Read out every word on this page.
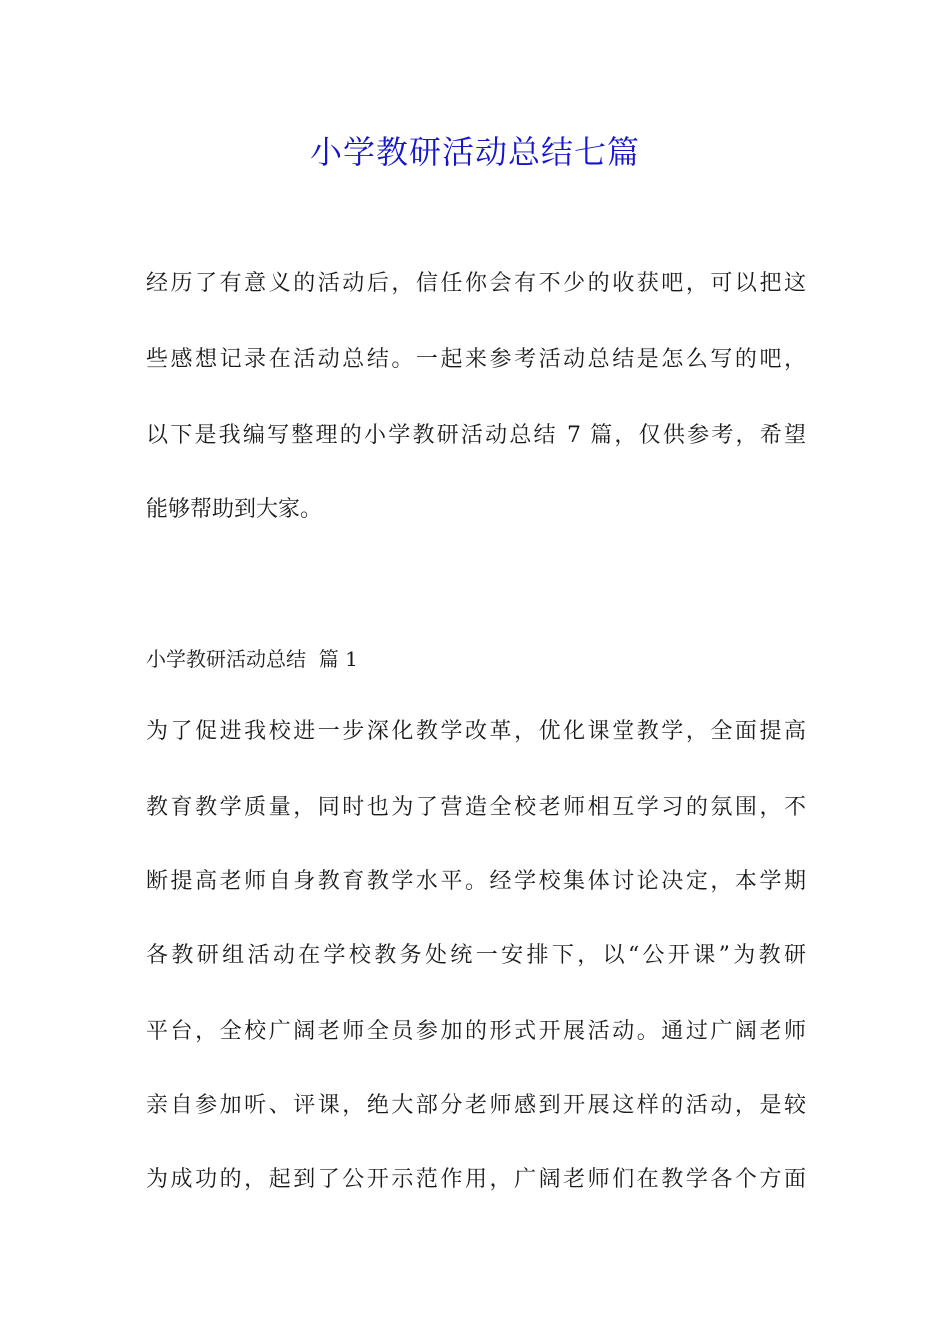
小学教研活动总结七篇
经历了有意义的活动后，信任你会有不少的收获吧，可以把这
些感想记录在活动总结。一起来参考活动总结是怎么写的吧，
以下是我编写整理的小学教研活动总结 7 篇，仅供参考，希望
能够帮助到大家。
小学教研活动总结  篇 1
为了促进我校进一步深化教学改革，优化课堂教学，全面提高
教育教学质量，同时也为了营造全校老师相互学习的氛围，不
断提高老师自身教育教学水平。经学校集体讨论决定，本学期
各教研组活动在学校教务处统一安排下，以“公开课”为教研
平台，全校广阔老师全员参加的形式开展活动。通过广阔老师
亲自参加听、评课，绝大部分老师感到开展这样的活动，是较
为成功的，起到了公开示范作用，广阔老师们在教学各个方面
